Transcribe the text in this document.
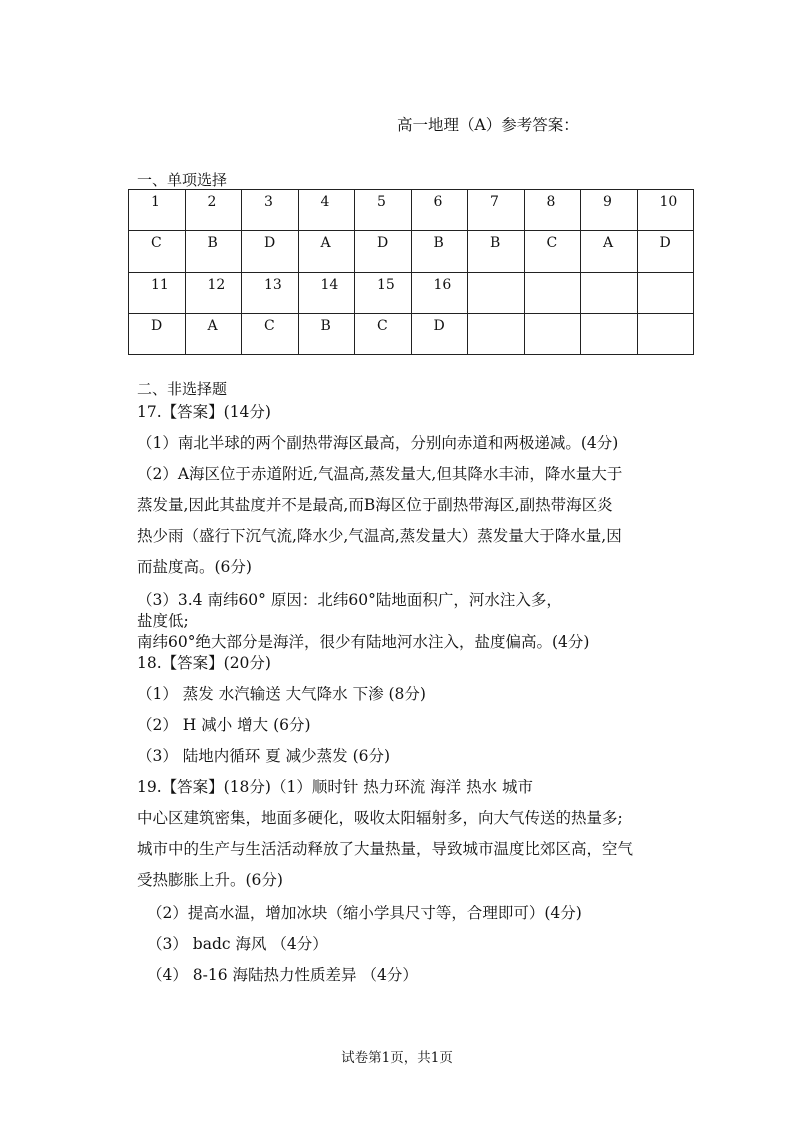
高一地理（A）参考答案：
一、单项选择
1	2	3	4	5	6	7	8	9	10
C	B	D	A	D	B	B	C	A	D
11	12	13	14	15	16				
D	A	C	B	C	D				
二、非选择题
17.【答案】(14分)
（1）南北半球的两个副热带海区最高，分别向赤道和两极递减。(4分)
（2）A海区位于赤道附近,气温高,蒸发量大,但其降水丰沛，降水量大于
蒸发量,因此其盐度并不是最高,而B海区位于副热带海区,副热带海区炎
热少雨（盛行下沉气流,降水少,气温高,蒸发量大）蒸发量大于降水量,因
而盐度高。(6分)
（3）3.4 南纬60° 原因：北纬60°陆地面积广，河水注入多，
盐度低;
南纬60°绝大部分是海洋，很少有陆地河水注入，盐度偏高。(4分)
18.【答案】(20分)
（1） 蒸发 水汽输送 大气降水 下渗 (8分)
（2） H 减小 增大 (6分)
（3） 陆地内循环 夏 减少蒸发 (6分)
19.【答案】(18分)（1）顺时针 热力环流 海洋 热水 城市
中心区建筑密集，地面多硬化，吸收太阳辐射多，向大气传送的热量多;
城市中的生产与生活活动释放了大量热量，导致城市温度比郊区高，空气
受热膨胀上升。(6分)
（2）提高水温，增加冰块（缩小学具尺寸等，合理即可）(4分)
（3） badc 海风 （4分）
（4） 8-16 海陆热力性质差异 （4分）
试卷第1页，共1页
